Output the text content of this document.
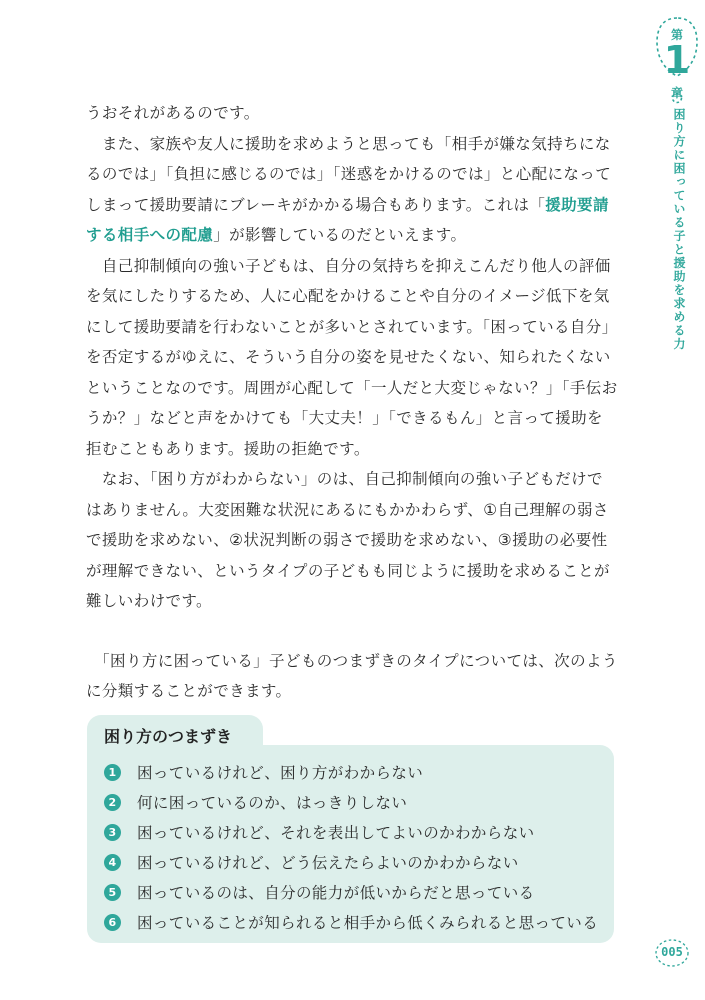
第
1
章
困り方に困っている子と援助を求める力

うおそれがあるのです。

　また、家族や友人に援助を求めようと思っても「相手が嫌な気持ちになるのでは」「負担に感じるのでは」「迷惑をかけるのでは」と心配になってしまって援助要請にブレーキがかかる場合もあります。これは「援助要請する相手への配慮」が影響しているのだといえます。

　自己抑制傾向の強い子どもは、自分の気持ちを抑えこんだり他人の評価を気にしたりするため、人に心配をかけることや自分のイメージ低下を気にして援助要請を行わないことが多いとされています。「困っている自分」を否定するがゆえに、そういう自分の姿を見せたくない、知られたくないということなのです。周囲が心配して「一人だと大変じゃない？」「手伝おうか？」などと声をかけても「大丈夫！」「できるもん」と言って援助を拒むこともあります。援助の拒絶です。

　なお、「困り方がわからない」のは、自己抑制傾向の強い子どもだけではありません。大変困難な状況にあるにもかかわらず、①自己理解の弱さで援助を求めない、②状況判断の弱さで援助を求めない、③援助の必要性が理解できない、というタイプの子どもも同じように援助を求めることが難しいわけです。

　「困り方に困っている」子どものつまずきのタイプについては、次のように分類することができます。

困り方のつまずき
1 困っているけれど、困り方がわからない
2 何に困っているのか、はっきりしない
3 困っているけれど、それを表出してよいのかわからない
4 困っているけれど、どう伝えたらよいのかわからない
5 困っているのは、自分の能力が低いからだと思っている
6 困っていることが知られると相手から低くみられると思っている
005
